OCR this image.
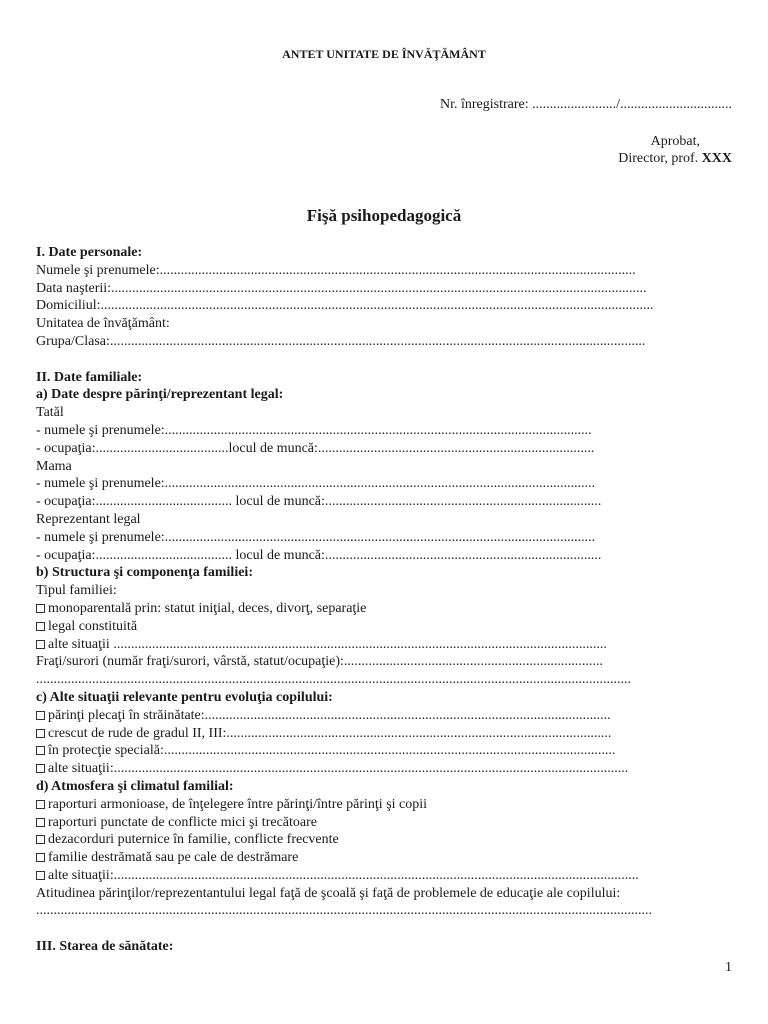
ANTET UNITATE DE ÎNVĂŢĂMÂNT
Nr. înregistrare: ......................../................................
Aprobat,
Director, prof. XXX
Fişă psihopedagogică
I. Date personale:
Numele şi prenumele:........................................................................................................................................
Data naşterii:.........................................................................................................................................................
Domiciliul:..............................................................................................................................................................
Unitatea de învăţământ:
Grupa/Clasa:.........................................................................................................................................................
II. Date familiale:
a) Date despre părinţi/reprezentant legal:
Tatăl
- numele şi prenumele:..........................................................................................................................
- ocupaţia:......................................locul de muncă:...............................................................................
Mama
- numele şi prenumele:...........................................................................................................................
- ocupaţia:....................................... locul de muncă:...............................................................................
Reprezentant legal
- numele şi prenumele:...........................................................................................................................
- ocupaţia:....................................... locul de muncă:...............................................................................
b) Structura şi componenţa familiei:
Tipul familiei:
monoparentală prin: statut iniţial, deces, divorţ, separaţie
legal constituită
alte situaţii .............................................................................................................................................
Fraţi/surori (număr fraţi/surori, vârstă, statut/ocupaţie):..........................................................................
..........................................................................................................................................................................
c) Alte situaţii relevante pentru evoluţia copilului:
părinţi plecaţi în străinătate:....................................................................................................................
crescut de rude de gradul II, III:..............................................................................................................
în protecţie specială:.................................................................................................................................
alte situaţii:...................................................................................................................................................
d) Atmosfera şi climatul familial:
raporturi armonioase, de înţelegere între părinţi/între părinţi şi copii
raporturi punctate de conflicte mici şi trecătoare
dezacorduri puternice în familie, conflicte frecvente
familie destrămată sau pe cale de destrămare
alte situaţii:......................................................................................................................................................
Atitudinea părinţilor/reprezentantului legal faţă de şcoală şi faţă de problemele de educaţie ale copilului:
................................................................................................................................................................................
III. Starea de sănătate:
1
